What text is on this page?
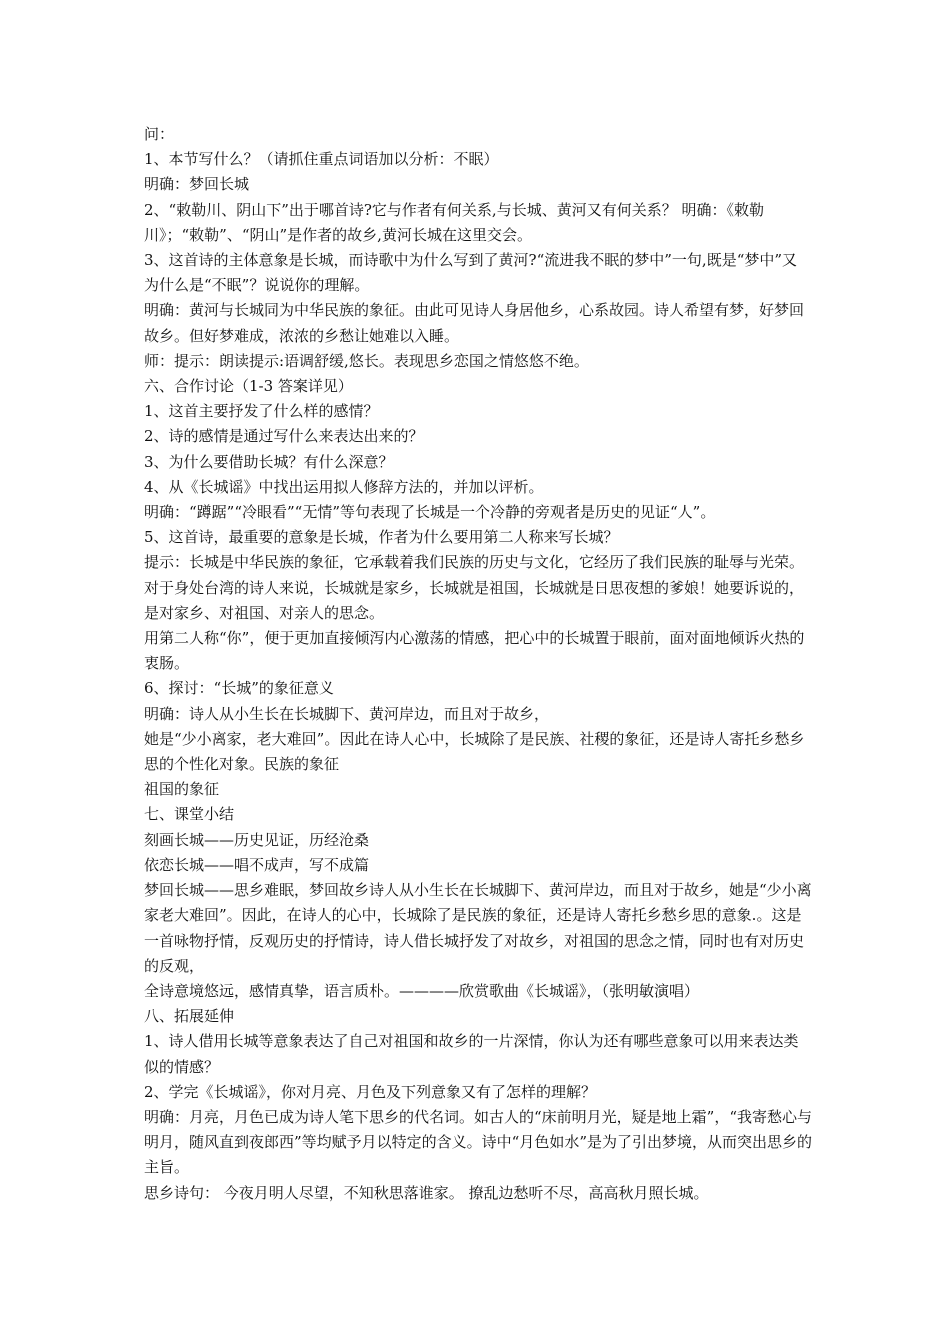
问：

1、本节写什么？（请抓住重点词语加以分析：不眠）

明确：梦回长城

2、“敕勒川、阴山下”出于哪首诗?它与作者有何关系,与长城、黄河又有何关系？ 明确：《敕勒川》；“敕勒”、“阴山”是作者的故乡,黄河长城在这里交会。

3、这首诗的主体意象是长城，而诗歌中为什么写到了黄河?“流进我不眠的梦中”一句,既是“梦中”又为什么是“不眠”？说说你的理解。

明确：黄河与长城同为中华民族的象征。由此可见诗人身居他乡，心系故园。诗人希望有梦，好梦回故乡。但好梦难成，浓浓的乡愁让她难以入睡。

师：提示：朗读提示:语调舒缓,悠长。表现思乡恋国之情悠悠不绝。

六、合作讨论（1-3 答案详见）

1、这首主要抒发了什么样的感情？

2、诗的感情是通过写什么来表达出来的？

3、为什么要借助长城？有什么深意？

4、从《长城谣》中找出运用拟人修辞方法的，并加以评析。

明确：“蹲踞”“冷眼看”“无情”等句表现了长城是一个冷静的旁观者是历史的见证“人”。

5、这首诗，最重要的意象是长城，作者为什么要用第二人称来写长城？

提示：长城是中华民族的象征，它承载着我们民族的历史与文化，它经历了我们民族的耻辱与光荣。对于身处台湾的诗人来说，长城就是家乡，长城就是祖国，长城就是日思夜想的爹娘！她要诉说的，是对家乡、对祖国、对亲人的思念。

用第二人称“你”，便于更加直接倾泻内心激荡的情感，把心中的长城置于眼前，面对面地倾诉火热的衷肠。

6、探讨：“长城”的象征意义

明确：诗人从小生长在长城脚下、黄河岸边，而且对于故乡，

她是“少小离家，老大难回”。因此在诗人心中，长城除了是民族、社稷的象征，还是诗人寄托乡愁乡思的个性化对象。民族的象征

祖国的象征

七、课堂小结

刻画长城——历史见证，历经沧桑

依恋长城——唱不成声，写不成篇

梦回长城——思乡难眠，梦回故乡诗人从小生长在长城脚下、黄河岸边，而且对于故乡，她是“少小离家老大难回”。因此，在诗人的心中，长城除了是民族的象征，还是诗人寄托乡愁乡思的意象.。这是一首咏物抒情，反观历史的抒情诗，诗人借长城抒发了对故乡，对祖国的思念之情，同时也有对历史的反观，

全诗意境悠远，感情真挚，语言质朴。————欣赏歌曲《长城谣》，（张明敏演唱）

八、拓展延伸

1、诗人借用长城等意象表达了自己对祖国和故乡的一片深情，你认为还有哪些意象可以用来表达类似的情感？

2、学完《长城谣》，你对月亮、月色及下列意象又有了怎样的理解？

明确：月亮，月色已成为诗人笔下思乡的代名词。如古人的“床前明月光，疑是地上霜”，“我寄愁心与明月，随风直到夜郎西”等均赋予月以特定的含义。诗中“月色如水”是为了引出梦境，从而突出思乡的主旨。

思乡诗句： 今夜月明人尽望，不知秋思落谁家。 撩乱边愁听不尽，高高秋月照长城。
